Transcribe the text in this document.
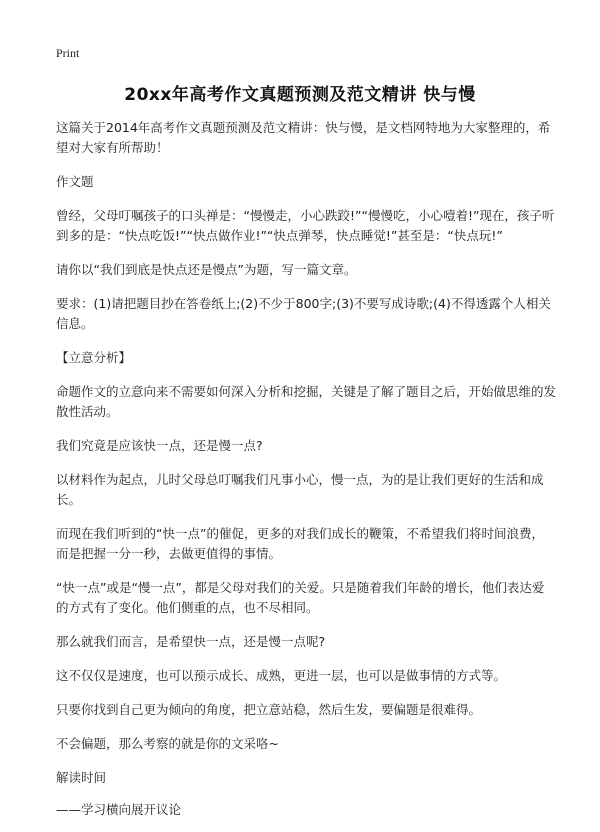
Print
20xx年高考作文真题预测及范文精讲 快与慢

这篇关于2014年高考作文真题预测及范文精讲：快与慢，是文档网特地为大家整理的，希望对大家有所帮助！

作文题

曾经，父母叮嘱孩子的口头禅是：“慢慢走，小心跌跤!”“慢慢吃，小心噎着!”现在，孩子听到多的是：“快点吃饭!”“快点做作业!”“快点弹琴，快点睡觉!”甚至是：“快点玩!”

请你以“我们到底是快点还是慢点”为题，写一篇文章。

要求：(1)请把题目抄在答卷纸上;(2)不少于800字;(3)不要写成诗歌;(4)不得透露个人相关信息。

【立意分析】

命题作文的立意向来不需要如何深入分析和挖掘，关键是了解了题目之后，开始做思维的发散性活动。

我们究竟是应该快一点，还是慢一点?

以材料作为起点，儿时父母总叮嘱我们凡事小心，慢一点，为的是让我们更好的生活和成长。

而现在我们听到的“快一点”的催促，更多的对我们成长的鞭策，不希望我们将时间浪费，而是把握一分一秒，去做更值得的事情。

“快一点”或是“慢一点”，都是父母对我们的关爱。只是随着我们年龄的增长，他们表达爱的方式有了变化。他们侧重的点，也不尽相同。

那么就我们而言，是希望快一点，还是慢一点呢?

这不仅仅是速度，也可以预示成长、成熟，更进一层，也可以是做事情的方式等。

只要你找到自己更为倾向的角度，把立意站稳，然后生发，要偏题是很难得。

不会偏题，那么考察的就是你的文采咯~

解读时间

——学习横向展开议论
